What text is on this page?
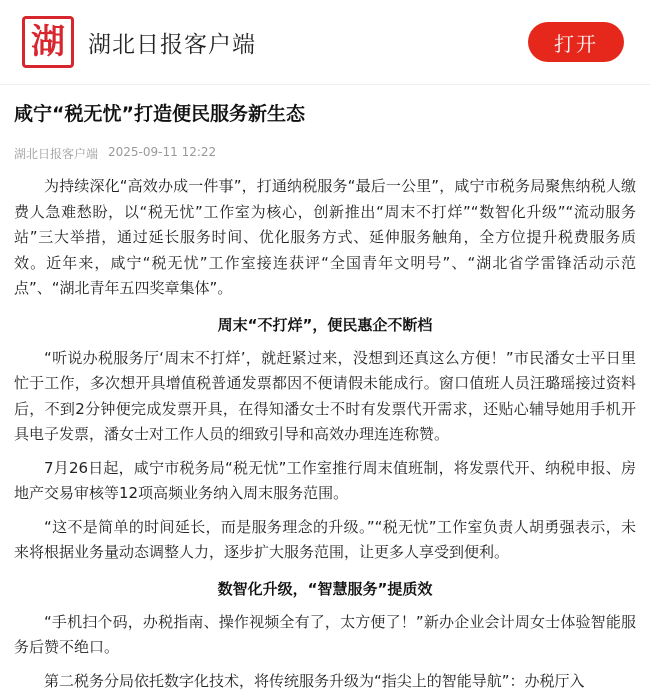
湖 湖北日报客户端	打开
咸宁“税无忧”打造便民服务新生态
湖北日报客户端 2025-09-11 12:22

为持续深化“高效办成一件事”，打通纳税服务“最后一公里”，咸宁市税务局聚焦纳税人缴费人急难愁盼，以“税无忧”工作室为核心，创新推出“周末不打烊”“数智化升级”“流动服务站”三大举措，通过延长服务时间、优化服务方式、延伸服务触角，全方位提升税费服务质效。近年来，咸宁“税无忧”工作室接连获评“全国青年文明号”、“湖北省学雷锋活动示范点”、“湖北青年五四奖章集体”。

周末“不打烊”，便民惠企不断档

“听说办税服务厅‘周末不打烊’，就赶紧过来，没想到还真这么方便！”市民潘女士平日里忙于工作，多次想开具增值税普通发票都因不便请假未能成行。窗口值班人员汪璐瑶接过资料后，不到2分钟便完成发票开具，在得知潘女士不时有发票代开需求，还贴心辅导她用手机开具电子发票，潘女士对工作人员的细致引导和高效办理连连称赞。

7月26日起，咸宁市税务局“税无忧”工作室推行周末值班制，将发票代开、纳税申报、房地产交易审核等12项高频业务纳入周末服务范围。

“这不是简单的时间延长，而是服务理念的升级。”“税无忧”工作室负责人胡勇强表示，未来将根据业务量动态调整人力，逐步扩大服务范围，让更多人享受到便利。

数智化升级，“智慧服务”提质效

“手机扫个码，办税指南、操作视频全有了，太方便了！”新办企业会计周女士体验智能服务后赞不绝口。

第二税务分局依托数字化技术，将传统服务升级为“指尖上的智能导航”：办税厅入
